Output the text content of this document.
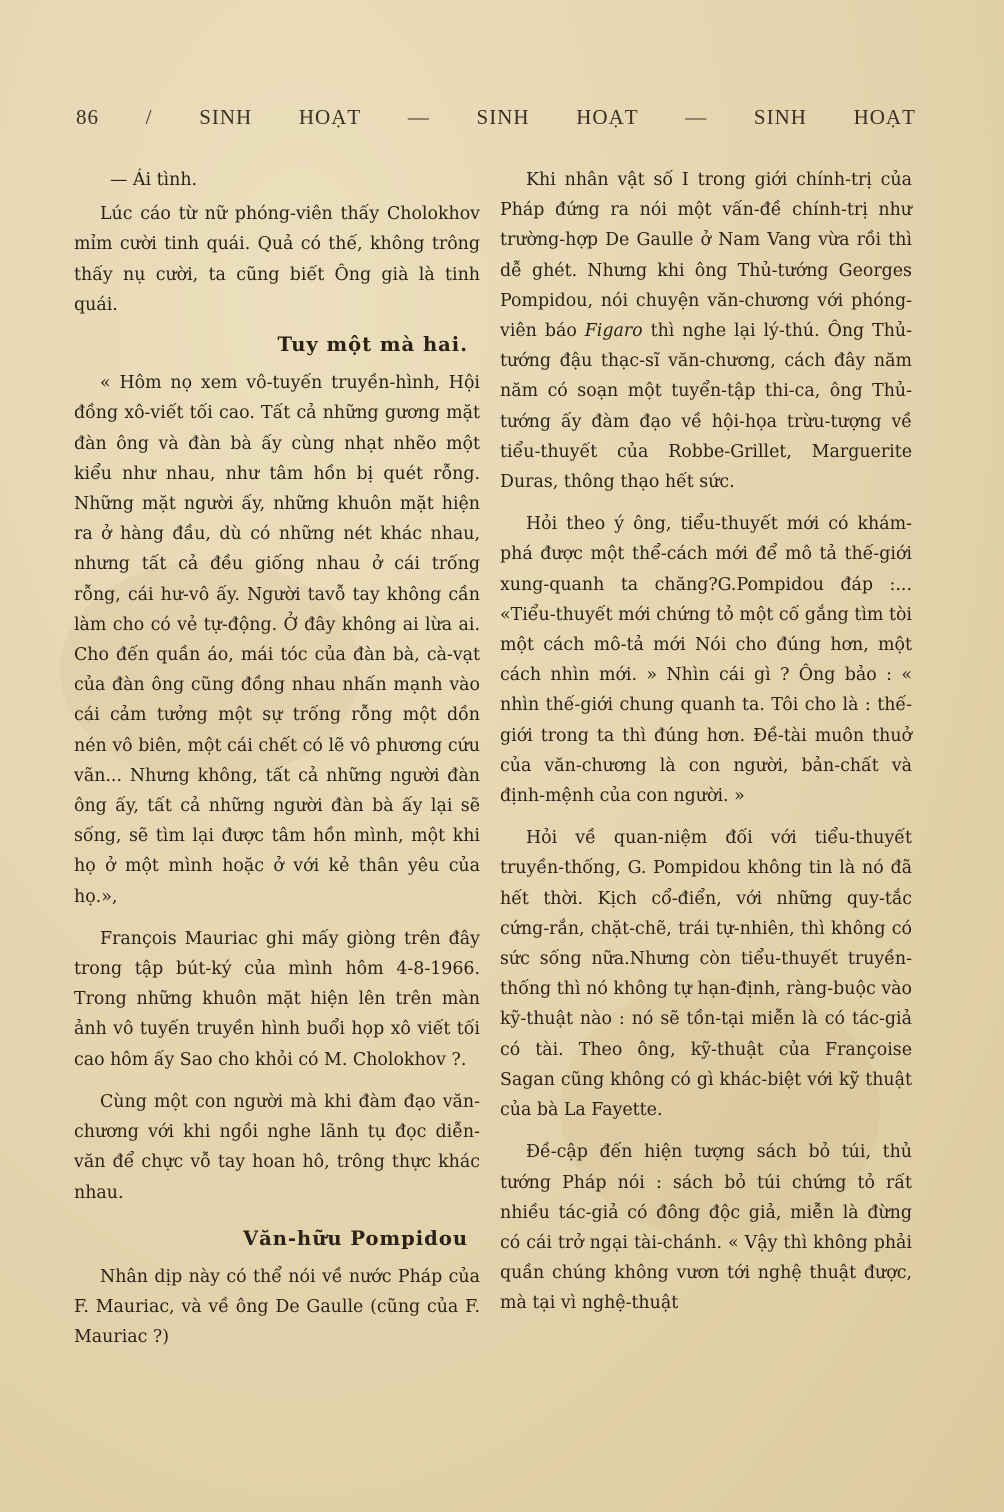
86 / SINH HOẠT — SINH HOẠT — SINH HOẠT

— Ái tình.

Lúc cáo từ nữ phóng-viên thấy Cholokhov mỉm cười tinh quái. Quả có thế, không trông thấy nụ cười, ta cũng biết Ông già là tinh quái.

Tuy một mà hai.

« Hôm nọ xem vô-tuyến truyền-hình, Hội đồng xô-viết tối cao. Tất cả những gương mặt đàn ông và đàn bà ấy cùng nhạt nhẽo một kiểu như nhau, như tâm hồn bị quét rỗng. Những mặt người ấy, những khuôn mặt hiện ra ở hàng đầu, dù có những nét khác nhau, nhưng tất cả đều giống nhau ở cái trống rỗng, cái hư-vô ấy. Người tavỗ tay không cần làm cho có vẻ tự-động. Ở đây không ai lừa ai. Cho đến quần áo, mái tóc của đàn bà, cà-vạt của đàn ông cũng đồng nhau nhấn mạnh vào cái cảm tưởng một sự trống rỗng một dồn nén vô biên, một cái chết có lẽ vô phương cứu vãn... Nhưng không, tất cả những người đàn ông ấy, tất cả những người đàn bà ấy lại sẽ sống, sẽ tìm lại được tâm hồn mình, một khi họ ở một mình hoặc ở với kẻ thân yêu của họ.»,

François Mauriac ghi mấy giòng trên đây trong tập bút-ký của mình hôm 4-8-1966. Trong những khuôn mặt hiện lên trên màn ảnh vô tuyến truyền hình buổi họp xô viết tối cao hôm ấy Sao cho khỏi có M. Cholokhov ?.

Cùng một con người mà khi đàm đạo văn-chương với khi ngồi nghe lãnh tụ đọc diễn-văn để chực vỗ tay hoan hô, trông thực khác nhau.

Văn-hữu Pompidou

Nhân dịp này có thể nói về nước Pháp của F. Mauriac, và về ông De Gaulle (cũng của F. Mauriac ?)

Khi nhân vật số I trong giới chính-trị của Pháp đứng ra nói một vấn-đề chính-trị như trường-hợp De Gaulle ở Nam Vang vừa rồi thì dễ ghét. Nhưng khi ông Thủ-tướng Georges Pompidou, nói chuyện văn-chương với phóng-viên báo Figaro thì nghe lại lý-thú. Ông Thủ-tướng đậu thạc-sĩ văn-chương, cách đây năm năm có soạn một tuyển-tập thi-ca, ông Thủ-tướng ấy đàm đạo về hội-họa trừu-tượng về tiểu-thuyết của Robbe-Grillet, Marguerite Duras, thông thạo hết sức.

Hỏi theo ý ông, tiểu-thuyết mới có khám-phá được một thể-cách mới để mô tả thế-giới xung-quanh ta chăng?G.Pompidou đáp :... «Tiểu-thuyết mới chứng tỏ một cố gắng tìm tòi một cách mô-tả mới Nói cho đúng hơn, một cách nhìn mới. » Nhìn cái gì ? Ông bảo : « nhìn thế-giới chung quanh ta. Tôi cho là : thế-giới trong ta thì đúng hơn. Đề-tài muôn thuở của văn-chương là con người, bản-chất và định-mệnh của con người. »

Hỏi về quan-niệm đối với tiểu-thuyết truyền-thống, G. Pompidou không tin là nó đã hết thời. Kịch cổ-điển, với những quy-tắc cứng-rắn, chặt-chẽ, trái tự-nhiên, thì không có sức sống nữa.Nhưng còn tiểu-thuyết truyền-thống thì nó không tự hạn-định, ràng-buộc vào kỹ-thuật nào : nó sẽ tồn-tại miễn là có tác-giả có tài. Theo ông, kỹ-thuật của Françoise Sagan cũng không có gì khác-biệt với kỹ thuật của bà La Fayette.

Đề-cập đến hiện tượng sách bỏ túi, thủ tướng Pháp nói : sách bỏ túi chứng tỏ rất nhiều tác-giả có đông độc giả, miễn là đừng có cái trở ngại tài-chánh. « Vậy thì không phải quần chúng không vươn tới nghệ thuật được, mà tại vì nghệ-thuật
